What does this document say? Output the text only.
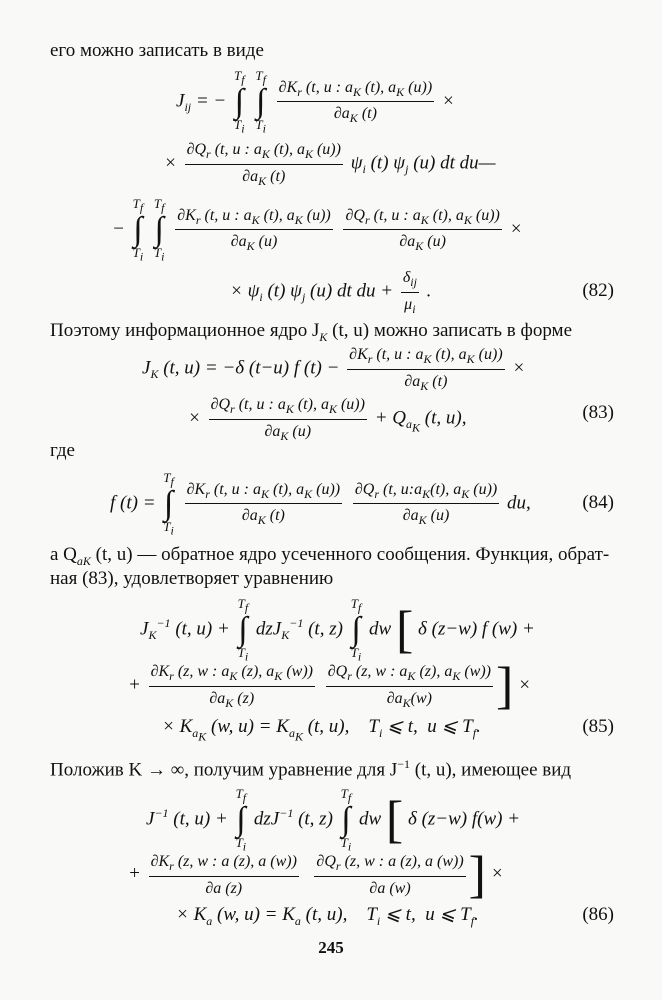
его можно записать в виде
$J_{ij}$ = −
$T_f$
∫
$T_i$

$T_f$
∫
$T_i$

$\frac{\partial K_r (t, u : a_K (t), a_K (u))}{\partial a_K (t)}$ ×
× $\frac{\partial Q_r (t, u : a_K (t), a_K (u))}{\partial a_K (t)} \psi_i$ (t) $\psi_j$ (u) dt du—
−
$T_f$
∫
$T_i$

$T_f$
∫
$T_i$

$\frac{\partial K_r (t, u : a_K (t), a_K (u))}{\partial a_K (u)}$
$\frac{\partial Q_r (t, u : a_K (t), a_K (u))}{\partial a_K (u)}$ ×
× $\psi_i$ (t) $\psi_j$ (u) dt du + $\frac{\delta_{ij}}{\mu_i}$ .	(82)
Поэтому информационное ядро $J_K$ (t, u) можно записать в форме
$J_K$ (t, u) = −δ (t−u) f $(t) - \frac{\partial K_r (t, u : a_K (t), a_K (u))}{\partial a_K (t)}$ ×
× $\frac{\partial Q_r (t, u : a_K (t), a_K (u))}{\partial a_K (u)} + Q_{a_K}$ (t, u),	(83)
где
f (t) =
$T_f$
∫
$T_i$

$\frac{\partial K_r (t, u : a_K (t), a_K (u))}{\partial a_K (t)}$
$\frac{\partial Q_r (t, u:a_K(t), a_K (u))}{\partial a_K (u)}$ du,	(84)
а $Q_{aK}$ (t, u) — обратное ядро усеченного сообщения. Функция, обрат-
ная (83), удовлетворяет уравнению
$J_K^{-1}$ (t, u) +
$T_f$
∫
$T_i$
dzJ$_K^{-1}$ (t, z)
$T_f$
∫
$T_i$
dw [ δ (z−w) f (w) +
+ $\frac{\partial K_r (z, w : a_K (z), a_K (w))}{\partial a_K (z)}$
$\frac{\partial Q_r (z, w : a_K (z), a_K (w))}{\partial a_K(w)}$ ] ×
× $K_{a_K}$ (w, $u) = K_{a_K}$ (t, u),    $T_i$ ⩽ t,  u ⩽ $T_f$.	(85)
Положив K → ∞, получим уравнение для $J^{-1}$ (t, u), имеющее вид
$J^{-1}$ (t, u) +
$T_f$
∫
$T_i$
dzJ$^{-1}$ (t, z)
$T_f$
∫
$T_i$
dw [ δ (z−w) f(w) +
+ $\frac{\partial K_r (z, w : a (z), a (w))}{\partial a (z)}$
$\frac{\partial Q_r (z, w : a (z), a (w))}{\partial a (w)}$ ] ×
× $K_a$ (w, $u) = K_a$ (t, u),    $T_i$ ⩽ t,  u ⩽ $T_f$.	(86)
245
